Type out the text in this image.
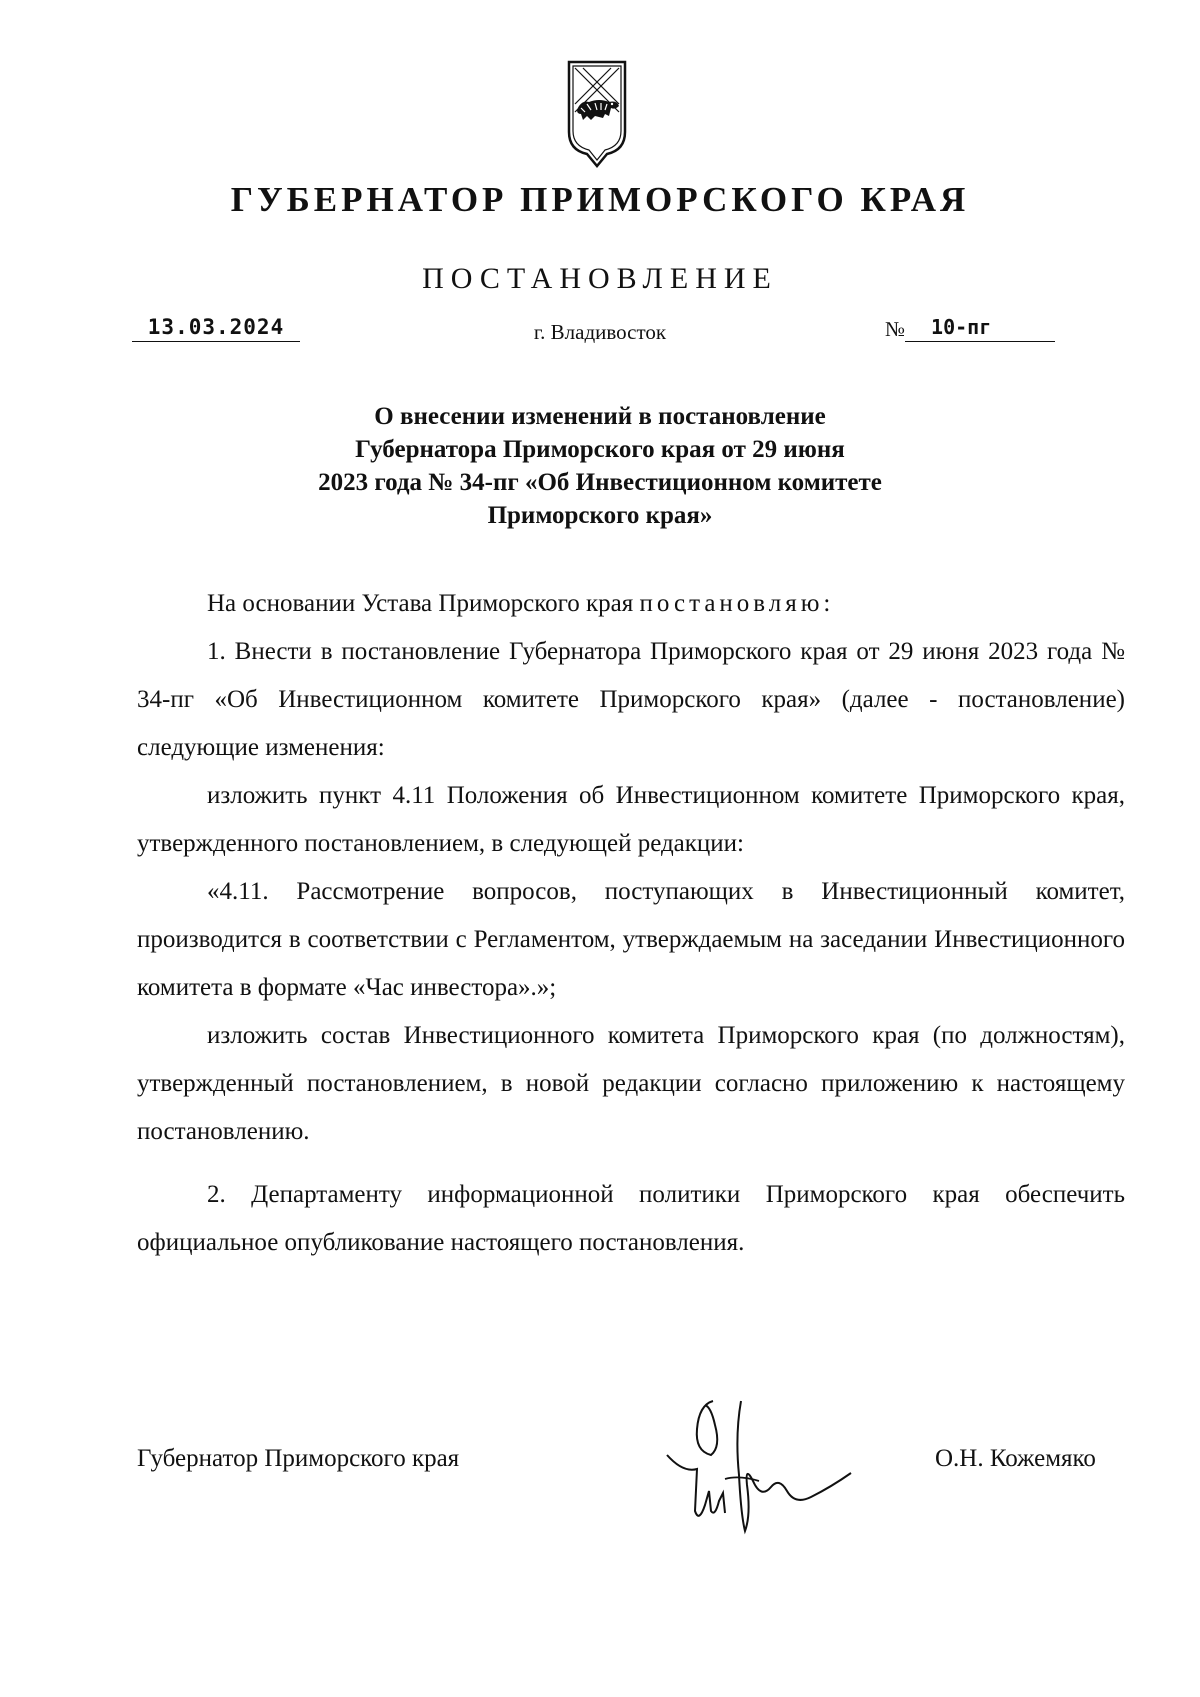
ГУБЕРНАТОР ПРИМОРСКОГО КРАЯ
ПОСТАНОВЛЕНИЕ
13.03.2024	г. Владивосток	№ 10-пг
О внесении изменений в постановление
Губернатора Приморского края от 29 июня
2023 года № 34-пг «Об Инвестиционном комитете
Приморского края»

На основании Устава Приморского края постановляю:

1. Внести в постановление Губернатора Приморского края от 29 июня 2023 года № 34-пг «Об Инвестиционном комитете Приморского края» (далее - постановление) следующие изменения:

изложить пункт 4.11 Положения об Инвестиционном комитете Приморского края, утвержденного постановлением, в следующей редакции:

«4.11. Рассмотрение вопросов, поступающих в Инвестиционный комитет, производится в соответствии с Регламентом, утверждаемым на заседании Инвестиционного комитета в формате «Час инвестора».»;

изложить состав Инвестиционного комитета Приморского края (по должностям), утвержденный постановлением, в новой редакции согласно приложению к настоящему постановлению.

2. Департаменту информационной политики Приморского края обеспечить официальное опубликование настоящего постановления.

Губернатор Приморского края	О.Н. Кожемяко
